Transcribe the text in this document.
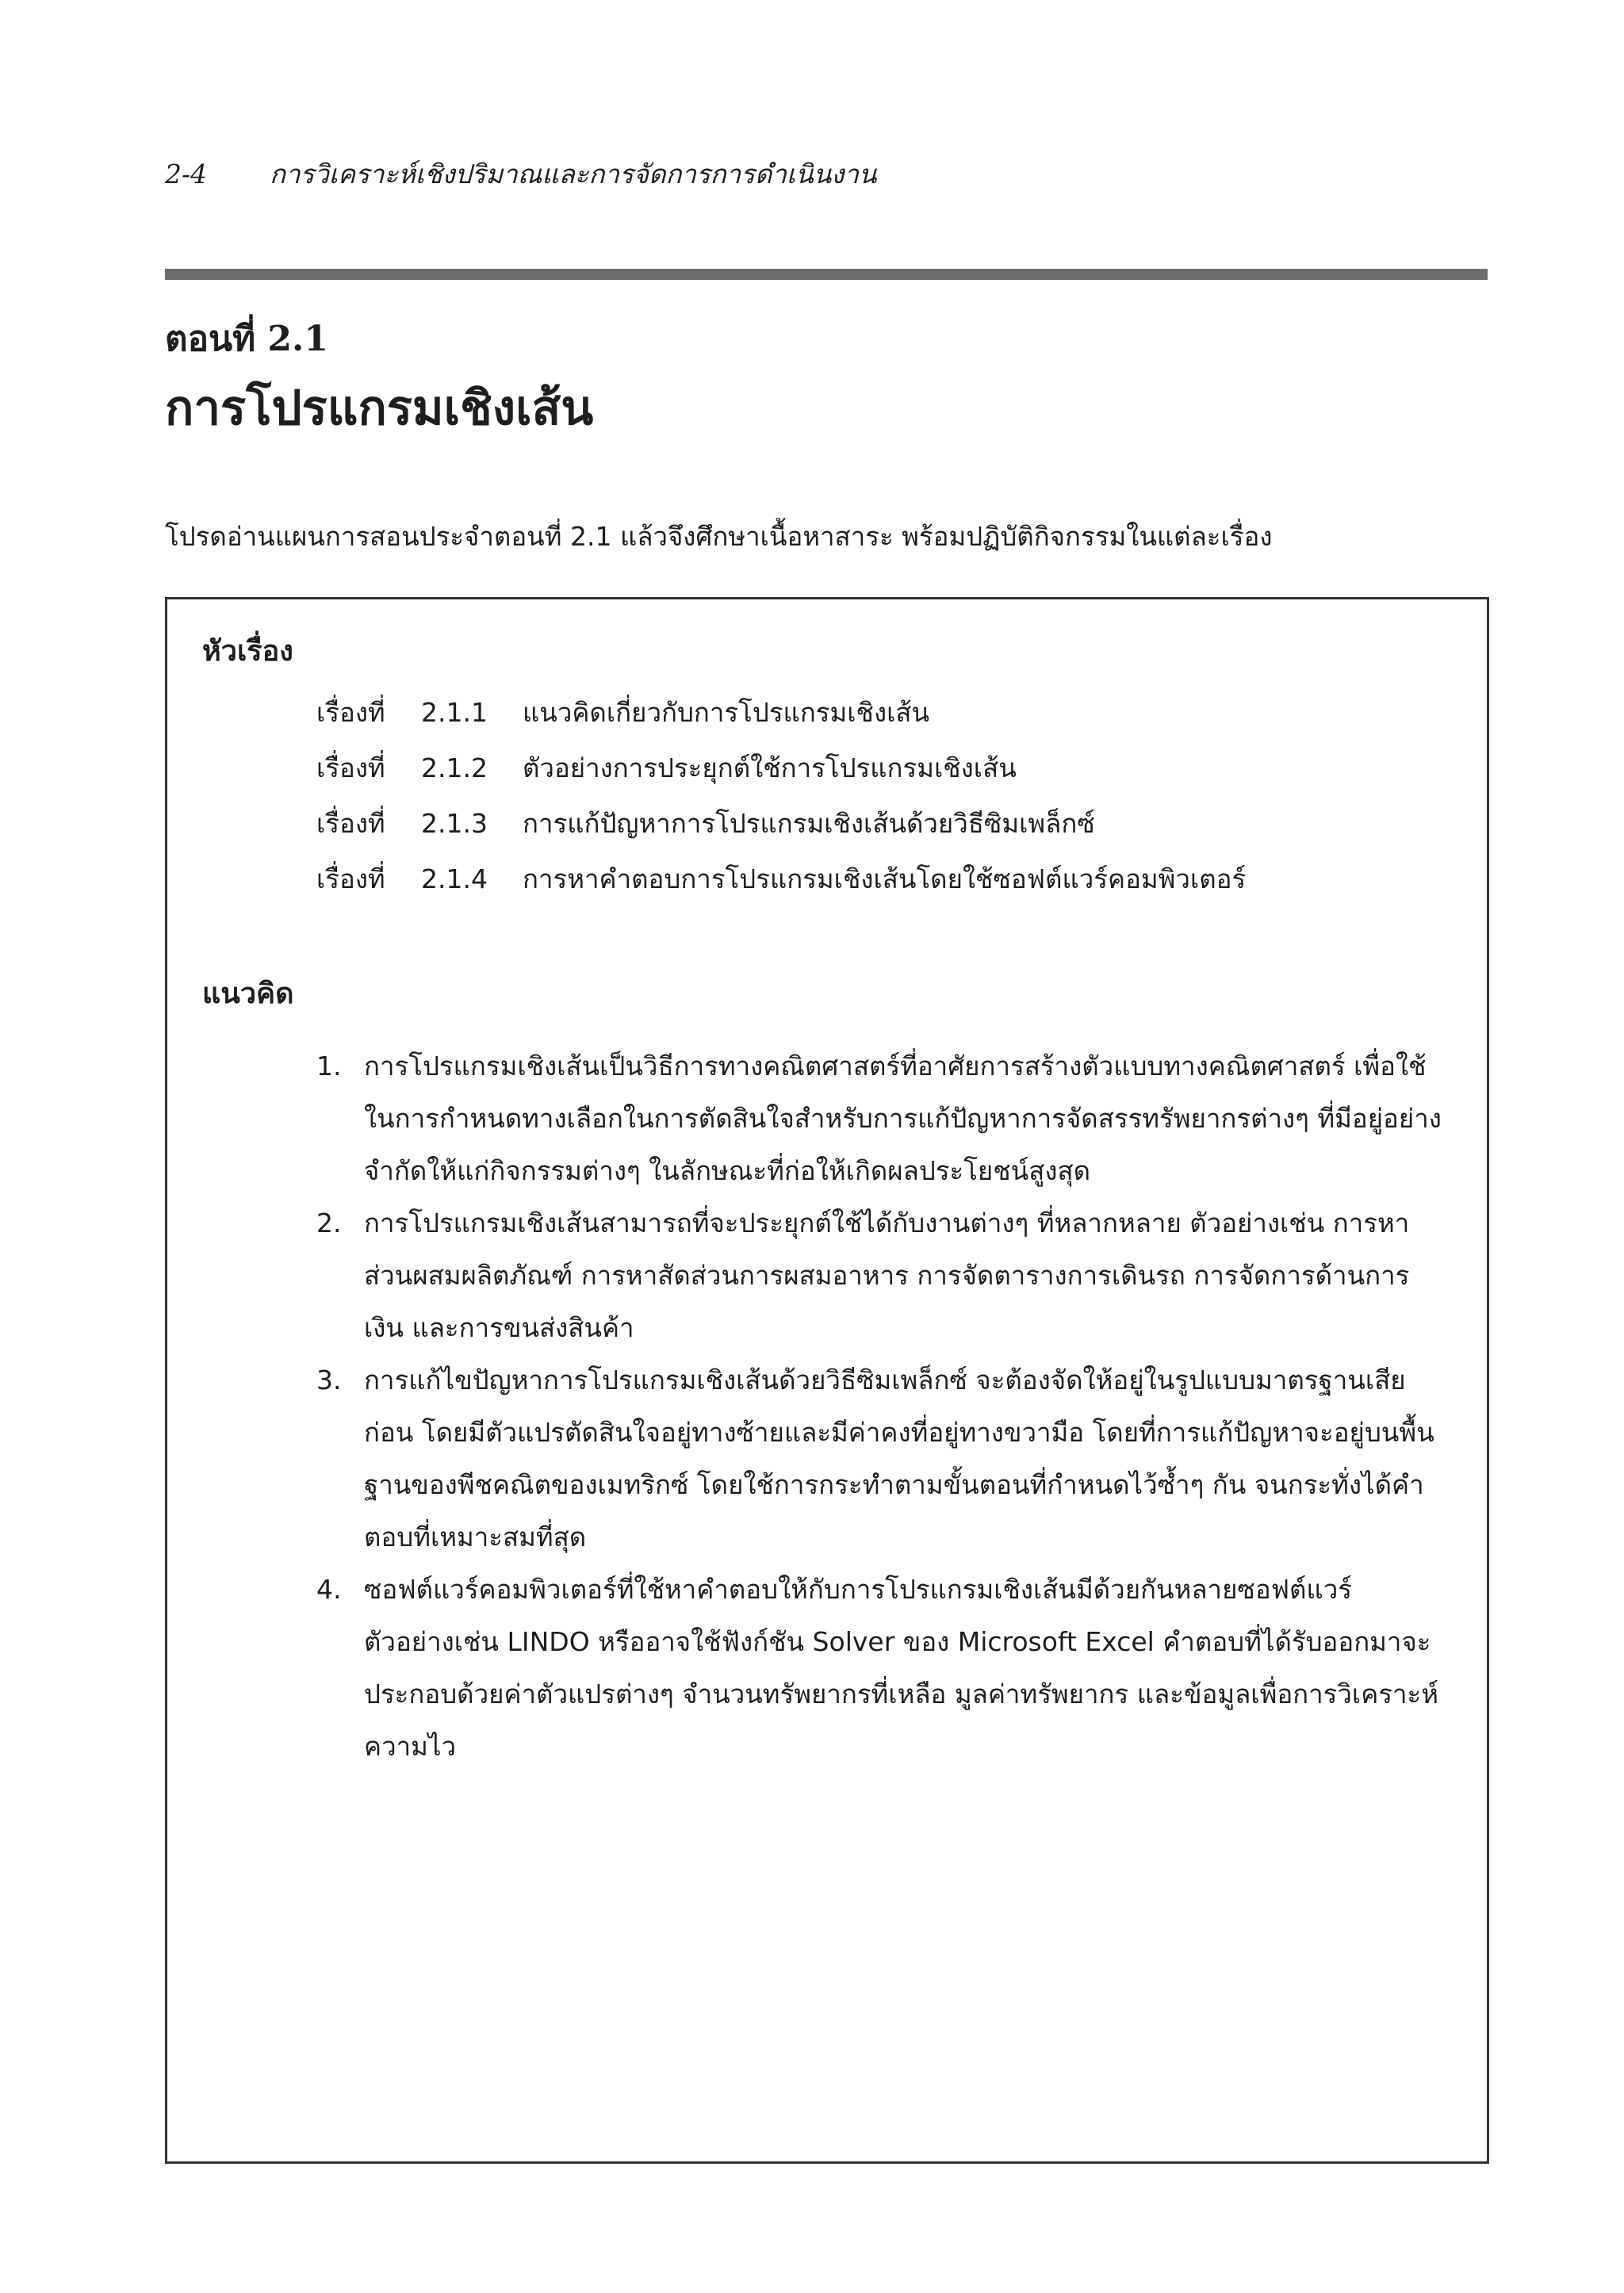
2-4 การวิเคราะห์เชิงปริมาณและการจัดการการดำเนินงาน
ตอนที่ 2.1
การโปรแกรมเชิงเส้น
โปรดอ่านแผนการสอนประจำตอนที่ 2.1 แล้วจึงศึกษาเนื้อหาสาระ พร้อมปฏิบัติกิจกรรมในแต่ละเรื่อง
หัวเรื่อง
เรื่องที่ 2.1.1 แนวคิดเกี่ยวกับการโปรแกรมเชิงเส้น
เรื่องที่ 2.1.2 ตัวอย่างการประยุกต์ใช้การโปรแกรมเชิงเส้น
เรื่องที่ 2.1.3 การแก้ปัญหาการโปรแกรมเชิงเส้นด้วยวิธีซิมเพล็กซ์
เรื่องที่ 2.1.4 การหาคำตอบการโปรแกรมเชิงเส้นโดยใช้ซอฟต์แวร์คอมพิวเตอร์
แนวคิด
1. การโปรแกรมเชิงเส้นเป็นวิธีการทางคณิตศาสตร์ที่อาศัยการสร้างตัวแบบทางคณิตศาสตร์ เพื่อใช้ในการกำหนดทางเลือกในการตัดสินใจสำหรับการแก้ปัญหาการจัดสรรทรัพยากรต่างๆ ที่มีอยู่อย่างจำกัดให้แก่กิจกรรมต่างๆ ในลักษณะที่ก่อให้เกิดผลประโยชน์สูงสุด
2. การโปรแกรมเชิงเส้นสามารถที่จะประยุกต์ใช้ได้กับงานต่างๆ ที่หลากหลาย ตัวอย่างเช่น การหาส่วนผสมผลิตภัณฑ์ การหาสัดส่วนการผสมอาหาร การจัดตารางการเดินรถ การจัดการด้านการเงิน และการขนส่งสินค้า
3. การแก้ไขปัญหาการโปรแกรมเชิงเส้นด้วยวิธีซิมเพล็กซ์ จะต้องจัดให้อยู่ในรูปแบบมาตรฐานเสียก่อน โดยมีตัวแปรตัดสินใจอยู่ทางซ้ายและมีค่าคงที่อยู่ทางขวามือ โดยที่การแก้ปัญหาจะอยู่บนพื้นฐานของพีชคณิตของเมทริกซ์ โดยใช้การกระทำตามขั้นตอนที่กำหนดไว้ซ้ำๆ กัน จนกระทั่งได้คำตอบที่เหมาะสมที่สุด
4. ซอฟต์แวร์คอมพิวเตอร์ที่ใช้หาคำตอบให้กับการโปรแกรมเชิงเส้นมีด้วยกันหลายซอฟต์แวร์ ตัวอย่างเช่น LINDO หรืออาจใช้ฟังก์ชัน Solver ของ Microsoft Excel คำตอบที่ได้รับออกมาจะประกอบด้วยค่าตัวแปรต่างๆ จำนวนทรัพยากรที่เหลือ มูลค่าทรัพยากร และข้อมูลเพื่อการวิเคราะห์ความไว
